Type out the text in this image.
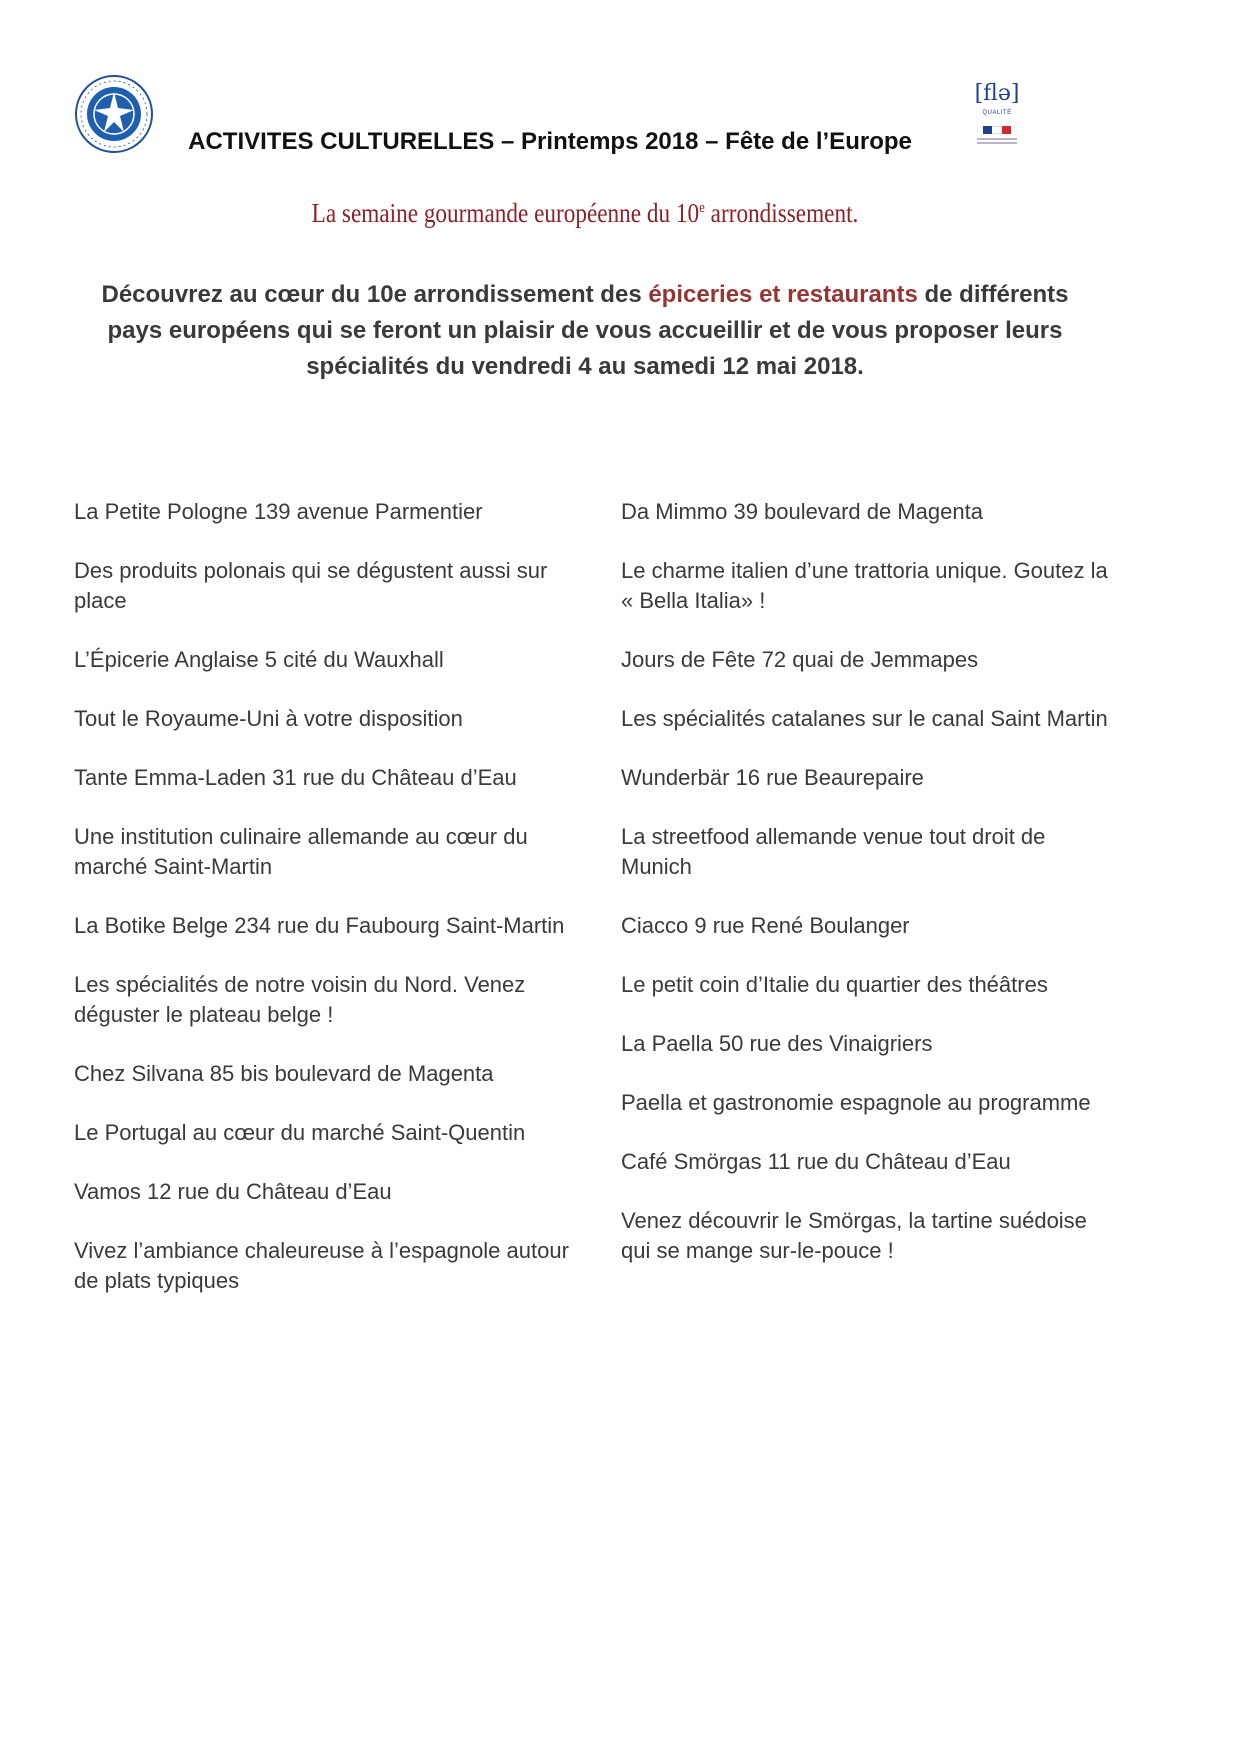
[flə]
QUALITÉ
ACTIVITES CULTURELLES – Printemps 2018 – Fête de l’Europe
La semaine gourmande européenne du 10e arrondissement.
Découvrez au cœur du 10e arrondissement des épiceries et restaurants de différents pays européens qui se feront un plaisir de vous accueillir et de vous proposer leurs spécialités du vendredi 4 au samedi 12 mai 2018.
La Petite Pologne 139 avenue Parmentier
Des produits polonais qui se dégustent aussi sur place
L’Épicerie Anglaise 5 cité du Wauxhall
Tout le Royaume-Uni à votre disposition
Tante Emma-Laden 31 rue du Château d’Eau
Une institution culinaire allemande au cœur du marché Saint-Martin
La Botike Belge 234 rue du Faubourg Saint-Martin
Les spécialités de notre voisin du Nord. Venez déguster le plateau belge !
Chez Silvana 85 bis boulevard de Magenta
Le Portugal au cœur du marché Saint-Quentin
Vamos 12 rue du Château d’Eau
Vivez l’ambiance chaleureuse à l’espagnole autour de plats typiques
Da Mimmo 39 boulevard de Magenta
Le charme italien d’une trattoria unique. Goutez la « Bella Italia» !
Jours de Fête 72 quai de Jemmapes
Les spécialités catalanes sur le canal Saint Martin
Wunderbär 16 rue Beaurepaire
La streetfood allemande venue tout droit de Munich
Ciacco 9 rue René Boulanger
Le petit coin d’Italie du quartier des théâtres
La Paella 50 rue des Vinaigriers
Paella et gastronomie espagnole au programme
Café Smörgas 11 rue du Château d’Eau
Venez découvrir le Smörgas, la tartine suédoise qui se mange sur-le-pouce !
